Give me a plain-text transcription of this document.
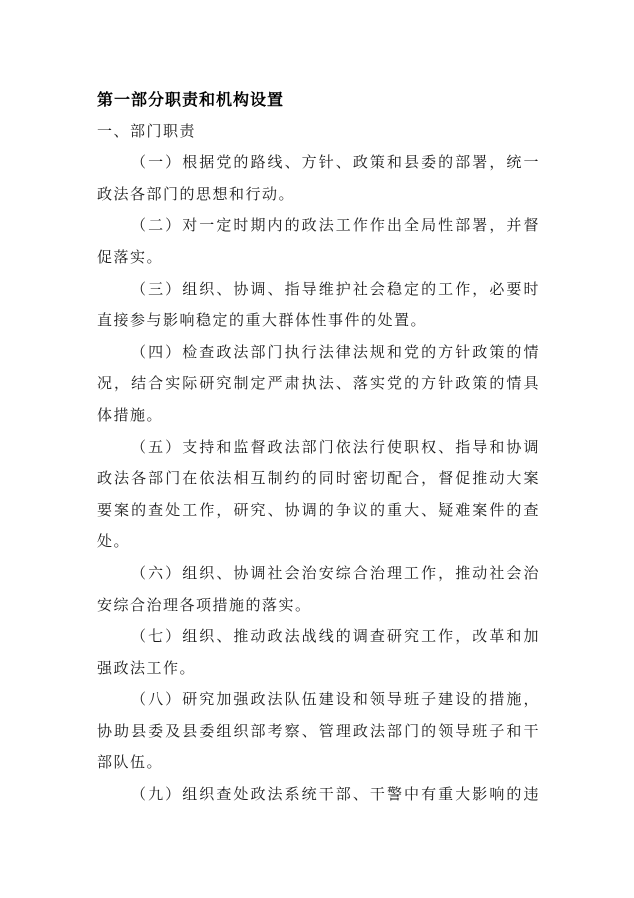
第一部分职责和机构设置
一、部门职责
（一）根据党的路线、方针、政策和县委的部署，统一
政法各部门的思想和行动。
（二）对一定时期内的政法工作作出全局性部署，并督
促落实。
（三）组织、协调、指导维护社会稳定的工作，必要时
直接参与影响稳定的重大群体性事件的处置。
（四）检查政法部门执行法律法规和党的方针政策的情
况，结合实际研究制定严肃执法、落实党的方针政策的情具
体措施。
（五）支持和监督政法部门依法行使职权、指导和协调
政法各部门在依法相互制约的同时密切配合，督促推动大案
要案的查处工作，研究、协调的争议的重大、疑难案件的查
处。
（六）组织、协调社会治安综合治理工作，推动社会治
安综合治理各项措施的落实。
（七）组织、推动政法战线的调查研究工作，改革和加
强政法工作。
（八）研究加强政法队伍建设和领导班子建设的措施，
协助县委及县委组织部考察、管理政法部门的领导班子和干
部队伍。
（九）组织查处政法系统干部、干警中有重大影响的违
